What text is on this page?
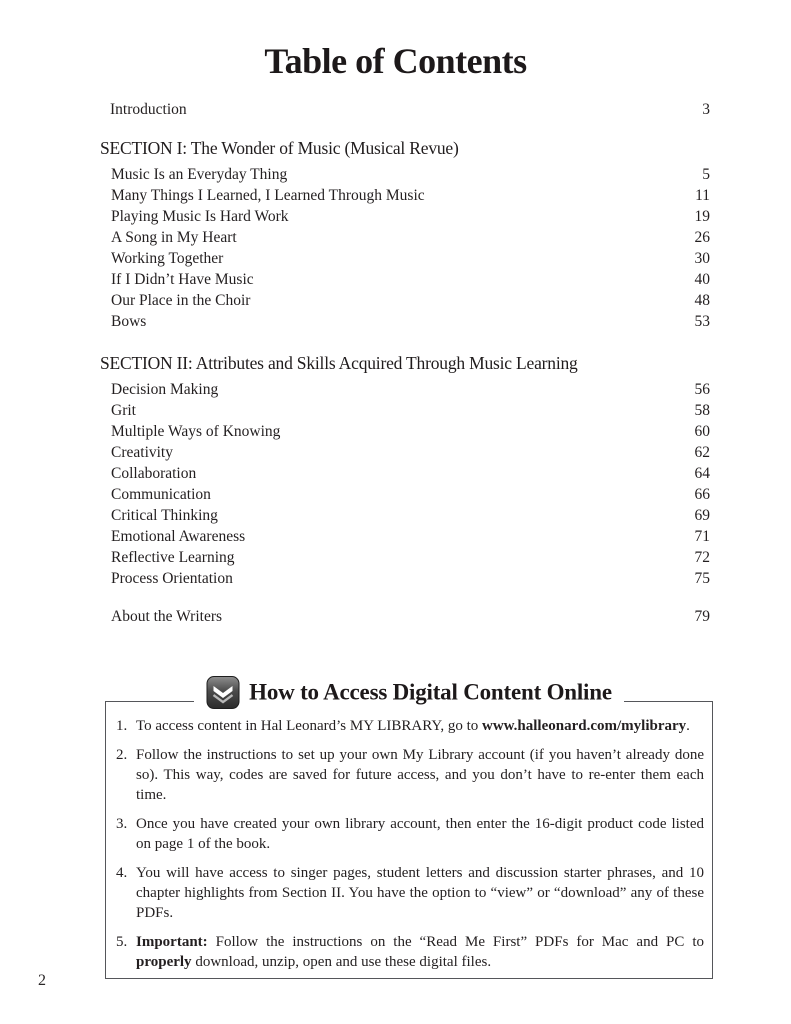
Table of Contents
Introduction	3
SECTION I: The Wonder of Music (Musical Revue)
Music Is an Everyday Thing	5
Many Things I Learned, I Learned Through Music	11
Playing Music Is Hard Work	19
A Song in My Heart	26
Working Together	30
If I Didn’t Have Music	40
Our Place in the Choir	48
Bows	53
SECTION II: Attributes and Skills Acquired Through Music Learning
Decision Making	56
Grit	58
Multiple Ways of Knowing	60
Creativity	62
Collaboration	64
Communication	66
Critical Thinking	69
Emotional Awareness	71
Reflective Learning	72
Process Orientation	75
About the Writers	79
How to Access Digital Content Online
1. To access content in Hal Leonard’s MY LIBRARY, go to www.halleonard.com/mylibrary.
2. Follow the instructions to set up your own My Library account (if you haven’t already done so). This way, codes are saved for future access, and you don’t have to re-enter them each time.
3. Once you have created your own library account, then enter the 16-digit product code listed on page 1 of the book.
4. You will have access to singer pages, student letters and discussion starter phrases, and 10 chapter highlights from Section II. You have the option to “view” or “download” any of these PDFs.
5. Important: Follow the instructions on the “Read Me First” PDFs for Mac and PC to properly download, unzip, open and use these digital files.
2
